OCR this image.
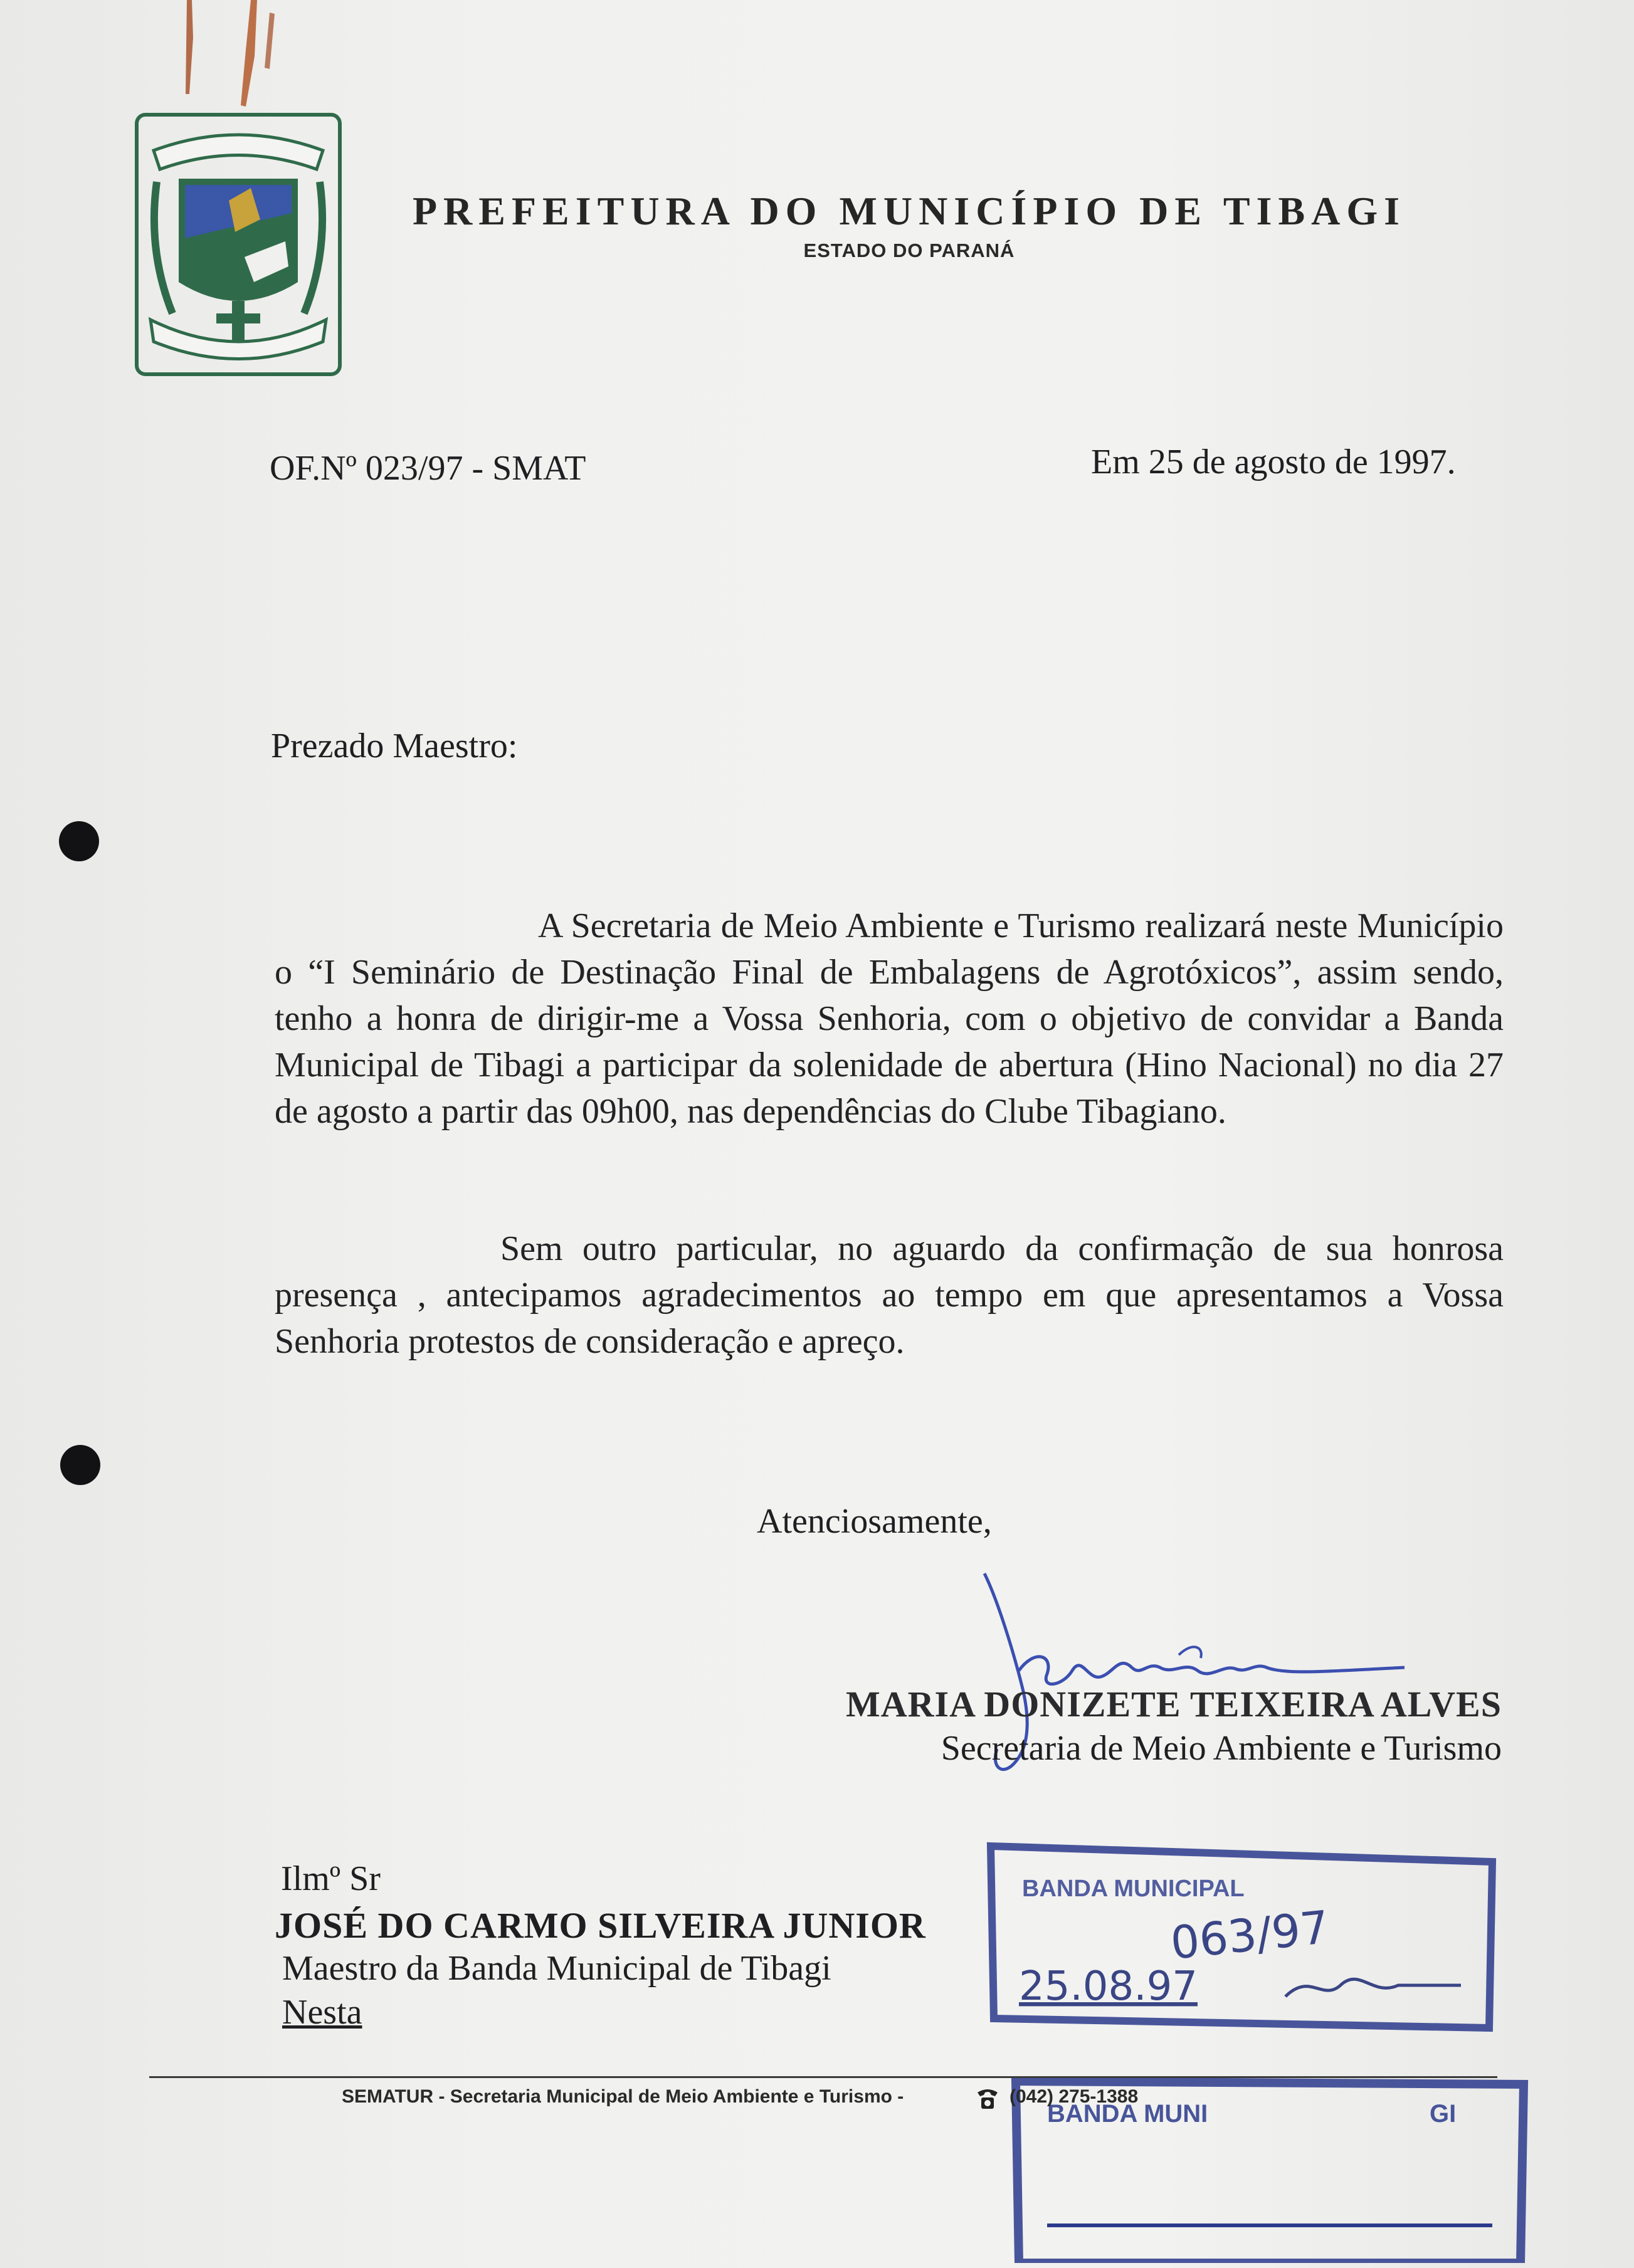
PREFEITURA DO MUNICÍPIO DE TIBAGI
ESTADO DO PARANÁ
OF.Nº 023/97 - SMAT	Em 25 de agosto de 1997.
Prezado Maestro:
A Secretaria de Meio Ambiente e Turismo realizará neste Município o “I Seminário de Destinação Final de Embalagens de Agrotóxicos”, assim sendo, tenho a honra de dirigir-me a Vossa Senhoria, com o objetivo de convidar a Banda Municipal de Tibagi a participar da solenidade de abertura (Hino Nacional) no dia 27 de agosto a partir das 09h00, nas dependências do Clube Tibagiano.
Sem outro particular, no aguardo da confirmação de sua honrosa presença , antecipamos agradecimentos ao tempo em que apresentamos a Vossa Senhoria protestos de consideração e apreço.
Atenciosamente,
MARIA DONIZETE TEIXEIRA ALVES
Secretaria de Meio Ambiente e Turismo
Ilmº Sr
JOSÉ DO CARMO SILVEIRA JUNIOR
Maestro da Banda Municipal de Tibagi
Nesta
BANDA MUNICIPAL
063/97
25.08.97
BANDA MUNI	GI
SEMATUR - Secretaria Municipal de Meio Ambiente e Turismo -	(042) 275-1388
